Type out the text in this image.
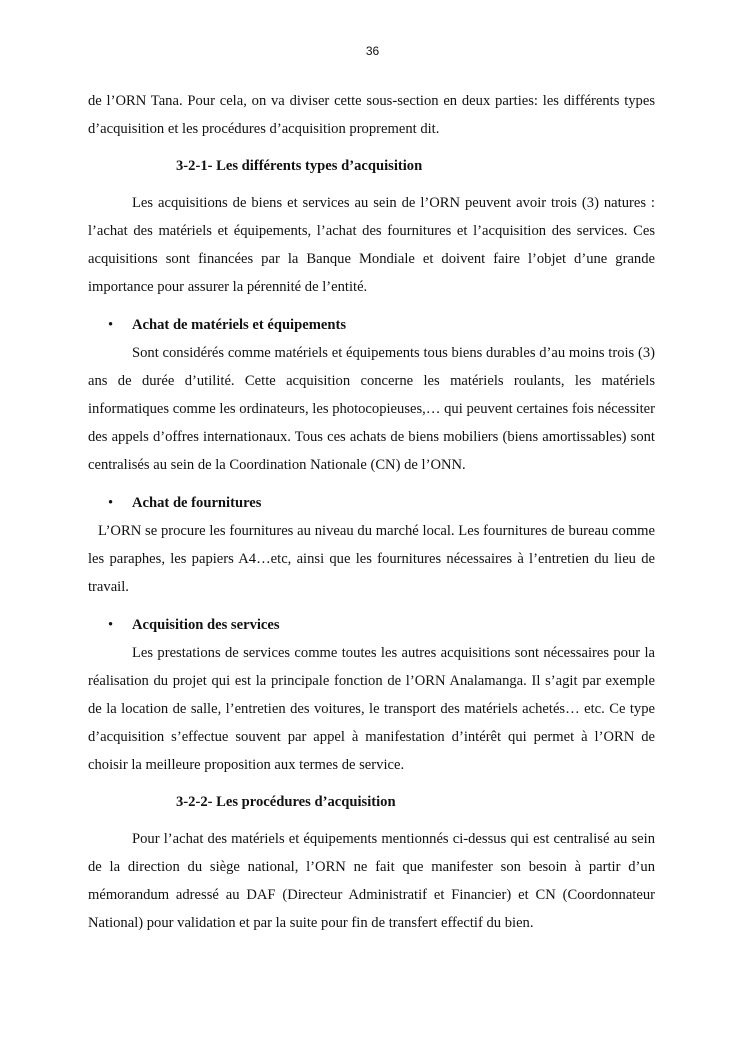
36

de l’ORN Tana. Pour cela, on va diviser cette sous-section en deux parties: les différents types d’acquisition et les procédures d’acquisition proprement dit.

3-2-1- Les différents types d’acquisition

Les acquisitions de biens et services au sein de l’ORN peuvent avoir trois (3) natures : l’achat des matériels et équipements, l’achat des fournitures et l’acquisition des services. Ces acquisitions sont financées par la Banque Mondiale et doivent faire l’objet d’une grande importance pour assurer la pérennité de l’entité.

• Achat de matériels et équipements

Sont considérés comme matériels et équipements tous biens durables d’au moins trois (3) ans de durée d’utilité. Cette acquisition concerne les matériels roulants, les matériels informatiques comme les ordinateurs, les photocopieuses,… qui peuvent certaines fois nécessiter des appels d’offres internationaux. Tous ces achats de biens mobiliers (biens amortissables) sont centralisés au sein de la Coordination Nationale (CN) de l’ONN.

• Achat de fournitures

L’ORN se procure les fournitures au niveau du marché local. Les fournitures de bureau comme les paraphes, les papiers A4…etc, ainsi que les fournitures nécessaires à l’entretien du lieu de travail.

• Acquisition des services

Les prestations de services comme toutes les autres acquisitions sont nécessaires pour la réalisation du projet qui est la principale fonction de l’ORN Analamanga. Il s’agit par exemple de la location de salle, l’entretien des voitures, le transport des matériels achetés… etc. Ce type d’acquisition s’effectue souvent par appel à manifestation d’intérêt qui permet à l’ORN de choisir la meilleure proposition aux termes de service.

3-2-2- Les procédures d’acquisition

Pour l’achat des matériels et équipements mentionnés ci-dessus qui est centralisé au sein de la direction du siège national, l’ORN ne fait que manifester son besoin à partir d’un mémorandum adressé au DAF (Directeur Administratif et Financier) et CN (Coordonnateur National) pour validation et par la suite pour fin de transfert effectif du bien.
